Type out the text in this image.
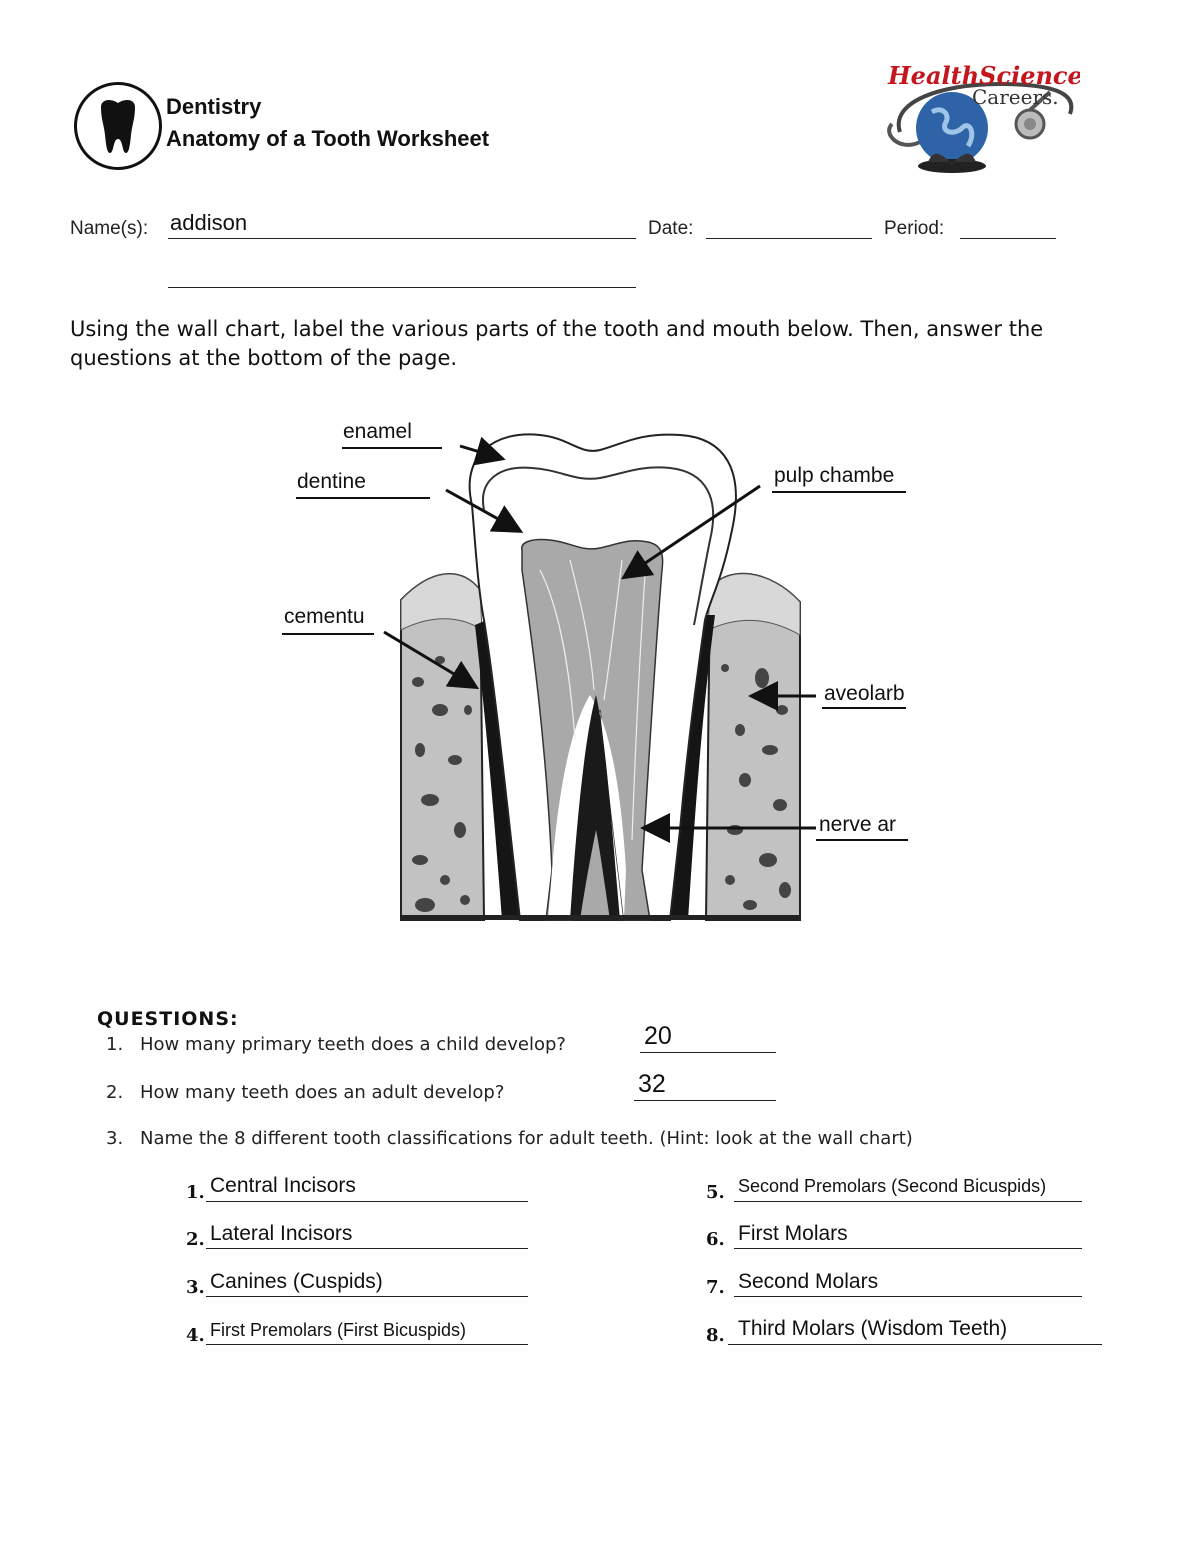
Dentistry
Anatomy of a Tooth Worksheet
HealthScience
Careers.
Name(s): addison	Date:	Period:
Using the wall chart, label the various parts of the tooth and mouth below. Then, answer the questions at the bottom of the page.
enamel
dentine
cementu
pulp chambe
aveolarb
nerve ar
QUESTIONS:
1. How many primary teeth does a child develop?	20
2. How many teeth does an adult develop?	32
3. Name the 8 different tooth classifications for adult teeth. (Hint: look at the wall chart)
1. Central Incisors
2. Lateral Incisors
3. Canines (Cuspids)
4. First Premolars (First Bicuspids)
5. Second Premolars (Second Bicuspids)
6. First Molars
7. Second Molars
8. Third Molars (Wisdom Teeth)
